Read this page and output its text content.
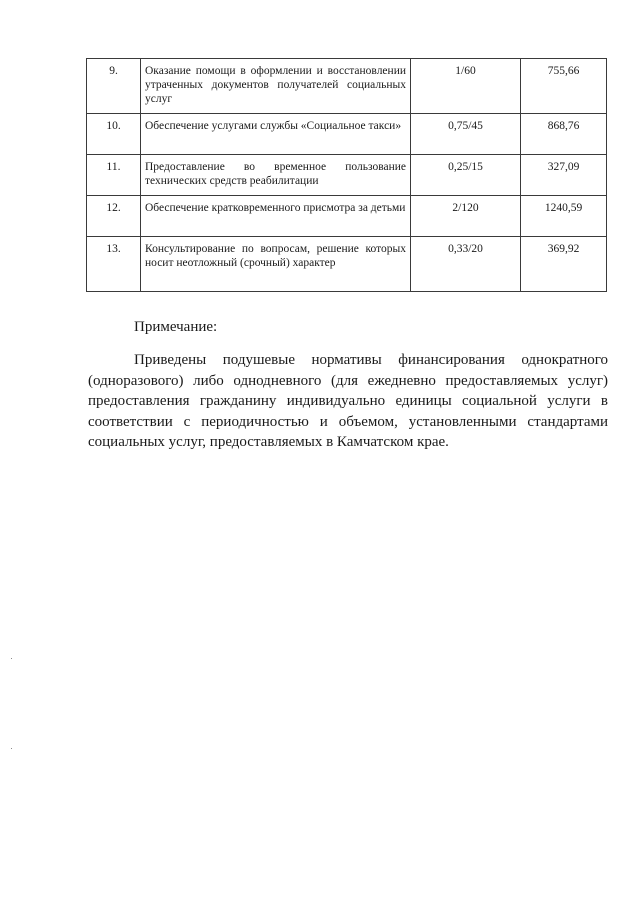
9.	Оказание помощи в оформлении и восстановлении утраченных документов получателей социальных услуг	1/60	755,66
10.	Обеспечение услугами службы «Социальное такси»	0,75/45	868,76
11.	Предоставление во временное пользование технических средств реабилитации	0,25/15	327,09
12.	Обеспечение кратковременного присмотра за детьми	2/120	1240,59
13.	Консультирование по вопросам, решение которых носит неотложный (срочный) характер	0,33/20	369,92
Примечание:
Приведены подушевые нормативы финансирования однократного (одноразового) либо однодневного (для ежедневно предоставляемых услуг) предоставления гражданину индивидуально единицы социальной услуги в соответствии с периодичностью и объемом, установленными стандартами социальных услуг, предоставляемых в Камчатском крае.
